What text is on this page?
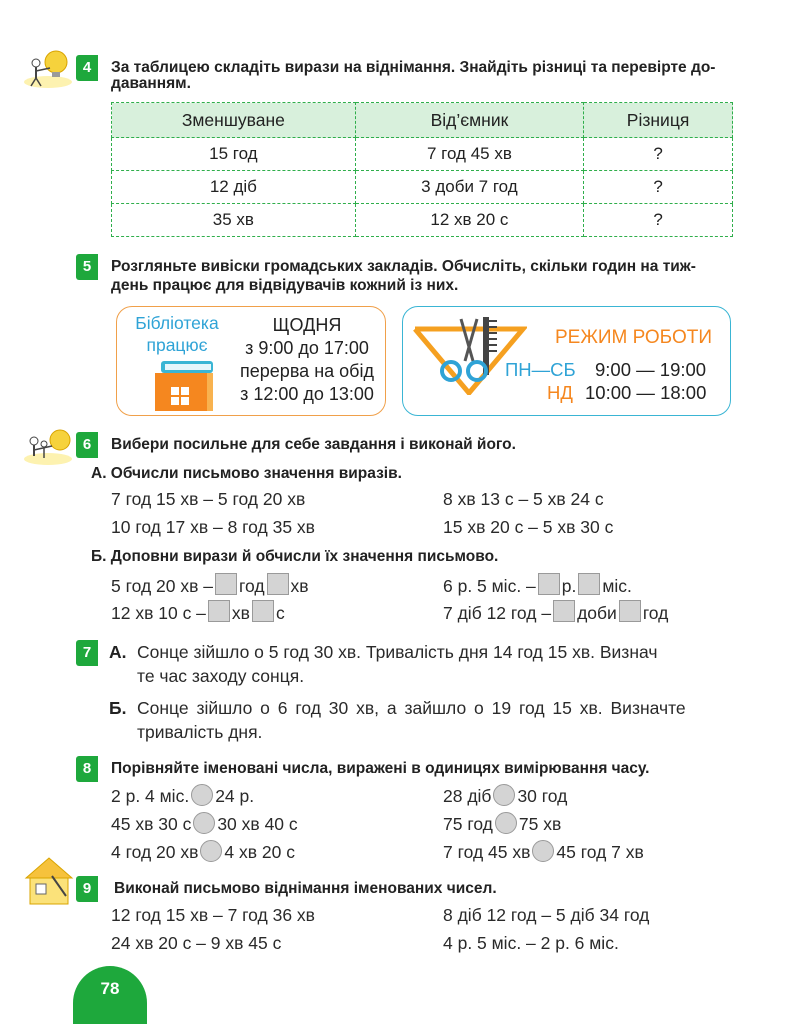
4	За таблицею складіть вирази на віднімання. Знайдіть різниці та перевірте до-
даванням.
Зменшуване	Від’ємник	Різниця
15 год	7 год 45 хв	?
12 діб	3 доби 7 год	?
35 хв	12 хв 20 с	?
5	Розгляньте вивіски громадських закладів. Обчисліть, скільки годин на тиж-
день працює для відвідувачів кожний із них.
Бібліотека
працює
ЩОДНЯ
з 9:00 до 17:00
перерва на обід
з 12:00 до 13:00
РЕЖИМ РОБОТИ
ПН—СБ 9:00 — 19:00
НД 10:00 — 18:00
6	Вибери посильне для себе завдання і виконай його.
А. Обчисли письмово значення виразів.
7 год 15 хв – 5 год 20 хв	8 хв 13 с – 5 хв 24 с
10 год 17 хв – 8 год 35 хв	15 хв 20 с – 5 хв 30 с
Б. Доповни вирази й обчисли їх значення письмово.
5 год 20 хв – год хв	6 р. 5 міс. – р. міс.
12 хв 10 с – хв с	7 діб 12 год – доби год
7	А. Сонце зійшло о 5 год 30 хв. Тривалість дня 14 год 15 хв. Визнач
те час заходу сонця.
Б. Сонце зійшло о 6 год 30 хв, а зайшло о 19 год 15 хв. Визначте
тривалість дня.
8	Порівняйте іменовані числа, виражені в одиницях вимірювання часу.
2 р. 4 міс. 24 р.	28 діб 30 год
45 хв 30 с 30 хв 40 с	75 год 75 хв
4 год 20 хв 4 хв 20 с	7 год 45 хв 45 год 7 хв
9	Виконай письмово віднімання іменованих чисел.
12 год 15 хв – 7 год 36 хв	8 діб 12 год – 5 діб 34 год
24 хв 20 с – 9 хв 45 с	4 р. 5 міс. – 2 р. 6 міс.
78
